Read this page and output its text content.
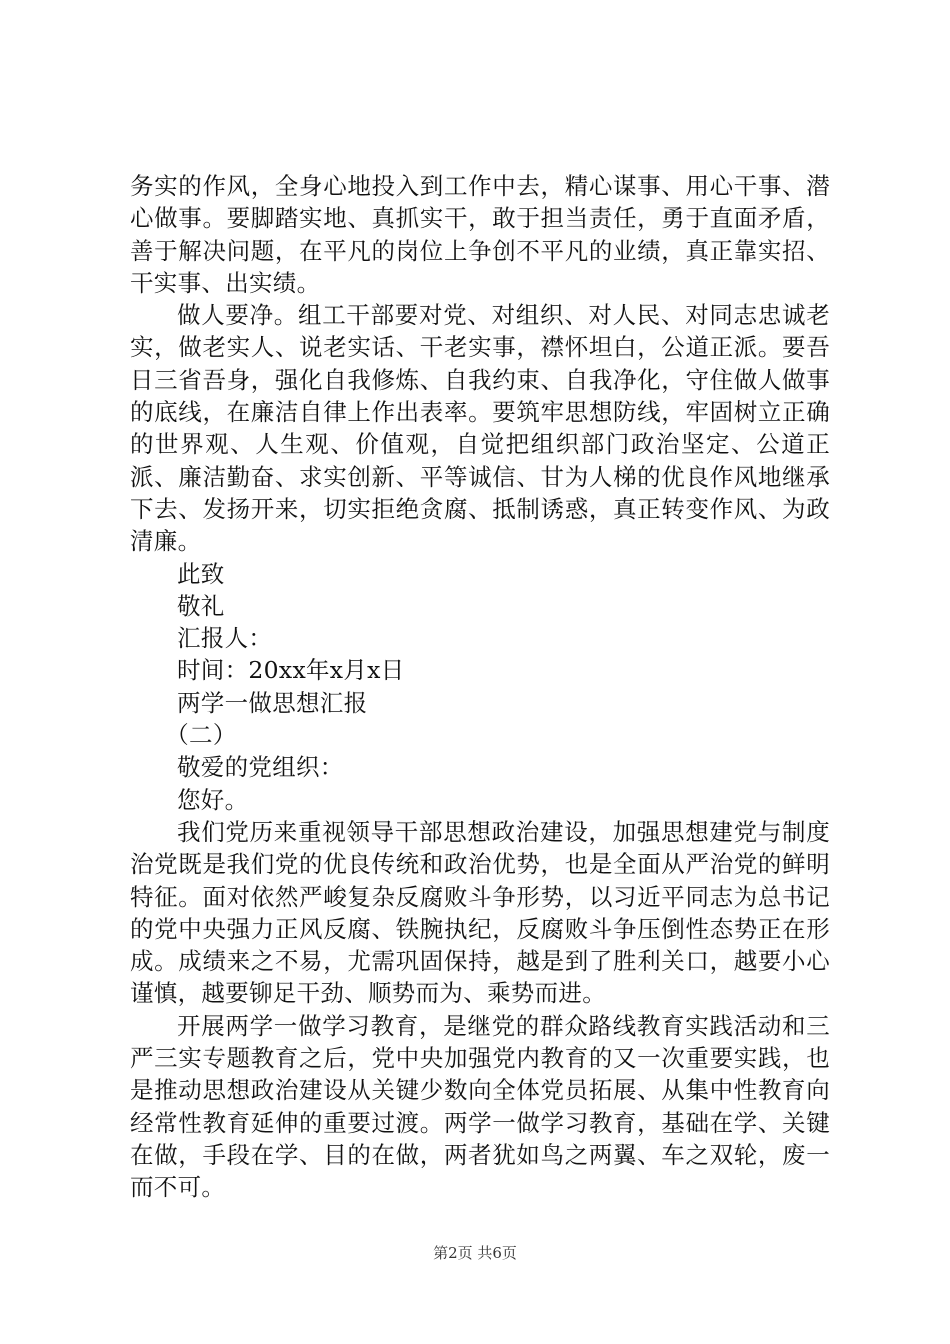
务实的作风，全身心地投入到工作中去，精心谋事、用心干事、潜心做事。要脚踏实地、真抓实干，敢于担当责任，勇于直面矛盾，善于解决问题，在平凡的岗位上争创不平凡的业绩，真正靠实招、干实事、出实绩。

做人要净。组工干部要对党、对组织、对人民、对同志忠诚老实，做老实人、说老实话、干老实事，襟怀坦白，公道正派。要吾日三省吾身，强化自我修炼、自我约束、自我净化，守住做人做事的底线，在廉洁自律上作出表率。要筑牢思想防线，牢固树立正确的世界观、人生观、价值观，自觉把组织部门政治坚定、公道正派、廉洁勤奋、求实创新、平等诚信、甘为人梯的优良作风地继承下去、发扬开来，切实拒绝贪腐、抵制诱惑，真正转变作风、为政清廉。

此致

敬礼

汇报人：

时间：20xx年x月x日

两学一做思想汇报

（二）

敬爱的党组织：

您好。

我们党历来重视领导干部思想政治建设，加强思想建党与制度治党既是我们党的优良传统和政治优势，也是全面从严治党的鲜明特征。面对依然严峻复杂反腐败斗争形势，以习近平同志为总书记的党中央强力正风反腐、铁腕执纪，反腐败斗争压倒性态势正在形成。成绩来之不易，尤需巩固保持，越是到了胜利关口，越要小心谨慎，越要铆足干劲、顺势而为、乘势而进。

开展两学一做学习教育，是继党的群众路线教育实践活动和三严三实专题教育之后，党中央加强党内教育的又一次重要实践，也是推动思想政治建设从关键少数向全体党员拓展、从集中性教育向经常性教育延伸的重要过渡。两学一做学习教育，基础在学、关键在做，手段在学、目的在做，两者犹如鸟之两翼、车之双轮，废一而不可。

第2页 共6页
